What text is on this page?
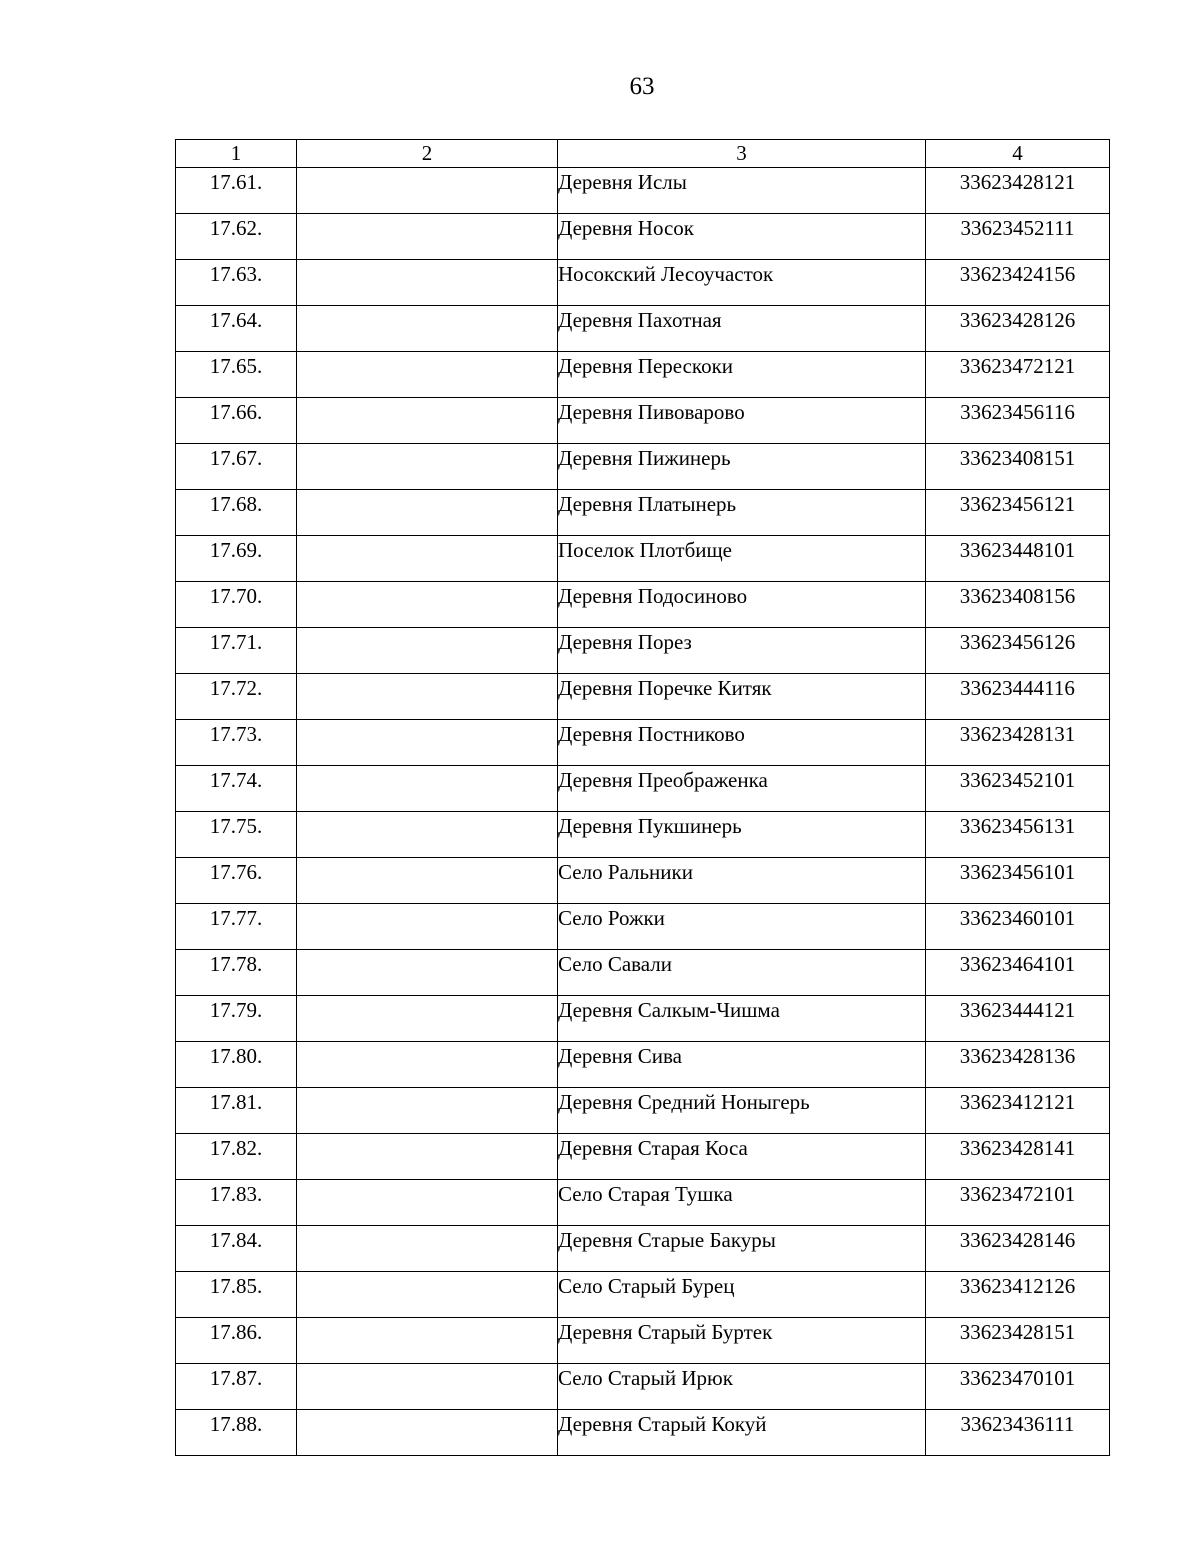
63
1	2	3	4
17.61.		Деревня Ислы	33623428121
17.62.		Деревня Носок	33623452111
17.63.		Носокский Лесоучасток	33623424156
17.64.		Деревня Пахотная	33623428126
17.65.		Деревня Перескоки	33623472121
17.66.		Деревня Пивоварово	33623456116
17.67.		Деревня Пижинерь	33623408151
17.68.		Деревня Платынерь	33623456121
17.69.		Поселок Плотбище	33623448101
17.70.		Деревня Подосиново	33623408156
17.71.		Деревня Порез	33623456126
17.72.		Деревня Поречке Китяк	33623444116
17.73.		Деревня Постниково	33623428131
17.74.		Деревня Преображенка	33623452101
17.75.		Деревня Пукшинерь	33623456131
17.76.		Село Ральники	33623456101
17.77.		Село Рожки	33623460101
17.78.		Село Савали	33623464101
17.79.		Деревня Салкым-Чишма	33623444121
17.80.		Деревня Сива	33623428136
17.81.		Деревня Средний Ноныгерь	33623412121
17.82.		Деревня Старая Коса	33623428141
17.83.		Село Старая Тушка	33623472101
17.84.		Деревня Старые Бакуры	33623428146
17.85.		Село Старый Бурец	33623412126
17.86.		Деревня Старый Буртек	33623428151
17.87.		Село Старый Ирюк	33623470101
17.88.		Деревня Старый Кокуй	33623436111
